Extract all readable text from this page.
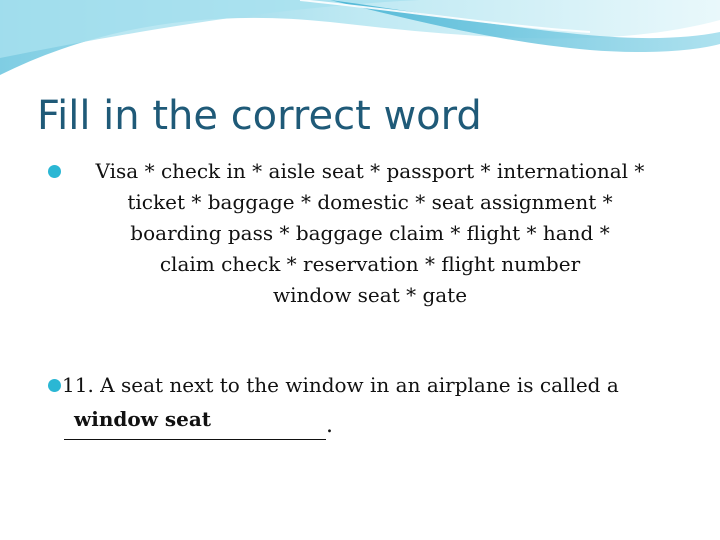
Fill in the correct word

Visa * check in * aisle seat * passport * international *
ticket * baggage * domestic * seat assignment *
boarding pass * baggage claim * flight * hand *
claim check * reservation * flight number
window seat * gate

11. A seat next to the window in an airplane is called a

window seat	.
